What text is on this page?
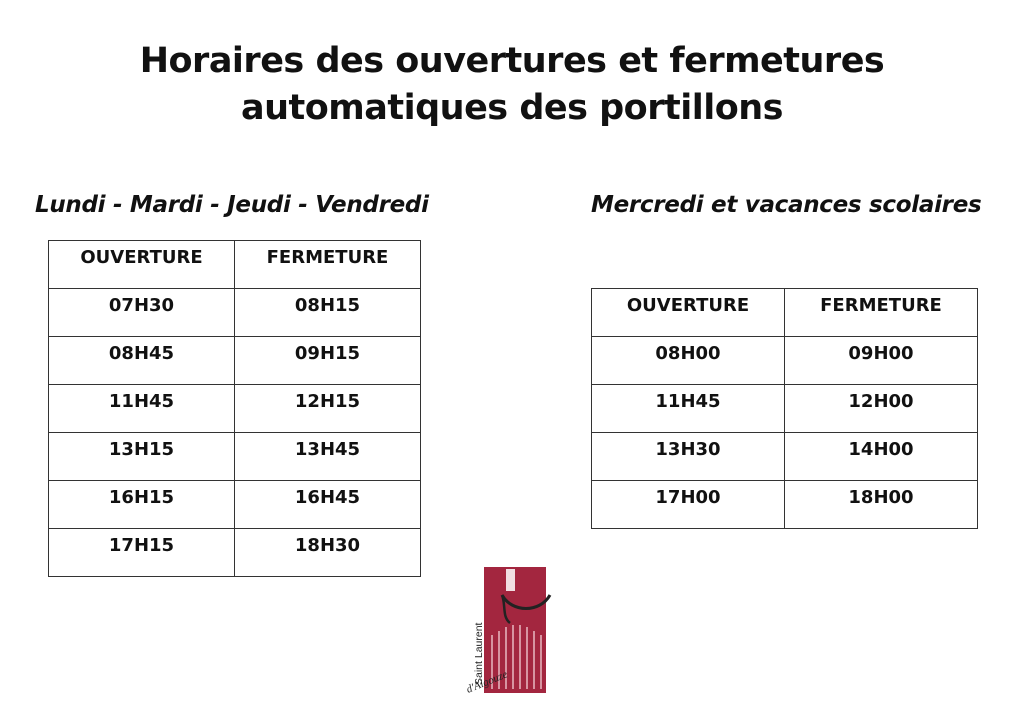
Horaires des ouvertures et fermetures
automatiques des portillons
Lundi - Mardi - Jeudi - Vendredi	Mercredi et vacances scolaires
OUVERTURE	FERMETURE
07H30	08H15
08H45	09H15
11H45	12H15
13H15	13H45
16H15	16H45
17H15	18H30
OUVERTURE	FERMETURE
08H00	09H00
11H45	12H00
13H30	14H00
17H00	18H00
Saint Laurent
d'Aigouze
